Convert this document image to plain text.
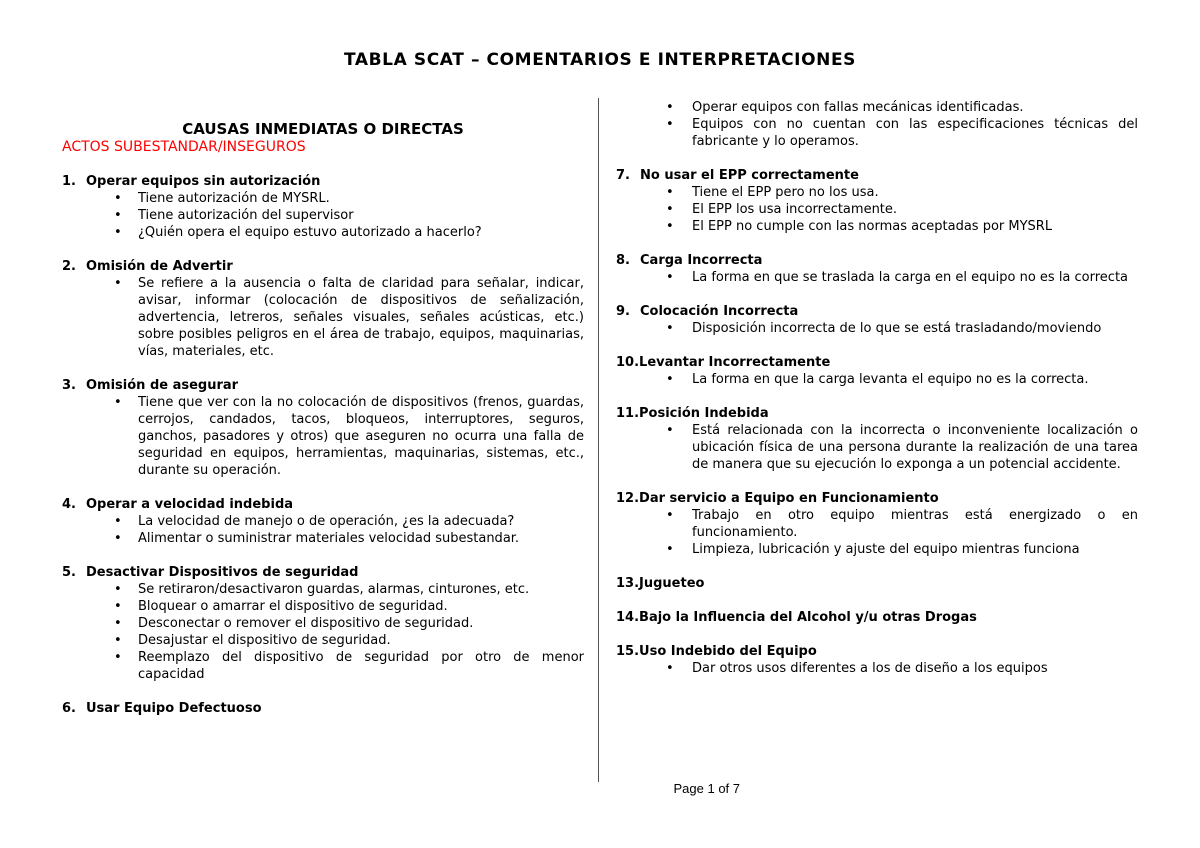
TABLA SCAT – COMENTARIOS E INTERPRETACIONES
CAUSAS INMEDIATAS O DIRECTAS
ACTOS SUBESTANDAR/INSEGUROS
1. Operar equipos sin autorización
• Tiene autorización de MYSRL.
• Tiene autorización del supervisor
• ¿Quién opera el equipo estuvo autorizado a hacerlo?
2. Omisión de Advertir
• Se refiere a la ausencia o falta de claridad para señalar, indicar, avisar, informar (colocación de dispositivos de señalización, advertencia, letreros, señales visuales, señales acústicas, etc.) sobre posibles peligros en el área de trabajo, equipos, maquinarias, vías, materiales, etc.
3. Omisión de asegurar
• Tiene que ver con la no colocación de dispositivos (frenos, guardas, cerrojos, candados, tacos, bloqueos, interruptores, seguros, ganchos, pasadores y otros) que aseguren no ocurra una falla de seguridad en equipos, herramientas, maquinarias, sistemas, etc., durante su operación.
4. Operar a velocidad indebida
• La velocidad de manejo o de operación, ¿es la adecuada?
• Alimentar o suministrar materiales velocidad subestandar.
5. Desactivar Dispositivos de seguridad
• Se retiraron/desactivaron guardas, alarmas, cinturones, etc.
• Bloquear o amarrar el dispositivo de seguridad.
• Desconectar o remover el dispositivo de seguridad.
• Desajustar el dispositivo de seguridad.
• Reemplazo del dispositivo de seguridad por otro de menor capacidad
6. Usar Equipo Defectuoso
• Operar equipos con fallas mecánicas identificadas.
• Equipos con no cuentan con las especificaciones técnicas del fabricante y lo operamos.
7. No usar el EPP correctamente
• Tiene el EPP pero no los usa.
• El EPP los usa incorrectamente.
• El EPP no cumple con las normas aceptadas por MYSRL
8. Carga Incorrecta
• La forma en que se traslada la carga en el equipo no es la correcta
9. Colocación Incorrecta
• Disposición incorrecta de lo que se está trasladando/moviendo
10.Levantar Incorrectamente
• La forma en que la carga levanta el equipo no es la correcta.
11.Posición Indebida
• Está relacionada con la incorrecta o inconveniente localización o ubicación física de una persona durante la realización de una tarea de manera que su ejecución lo exponga a un potencial accidente.
12.Dar servicio a Equipo en Funcionamiento
• Trabajo en otro equipo mientras está energizado o en funcionamiento.
• Limpieza, lubricación y ajuste del equipo mientras funciona
13.Jugueteo
14.Bajo la Influencia del Alcohol y/u otras Drogas
15.Uso Indebido del Equipo
• Dar otros usos diferentes a los de diseño a los equipos
Page 1 of 7
